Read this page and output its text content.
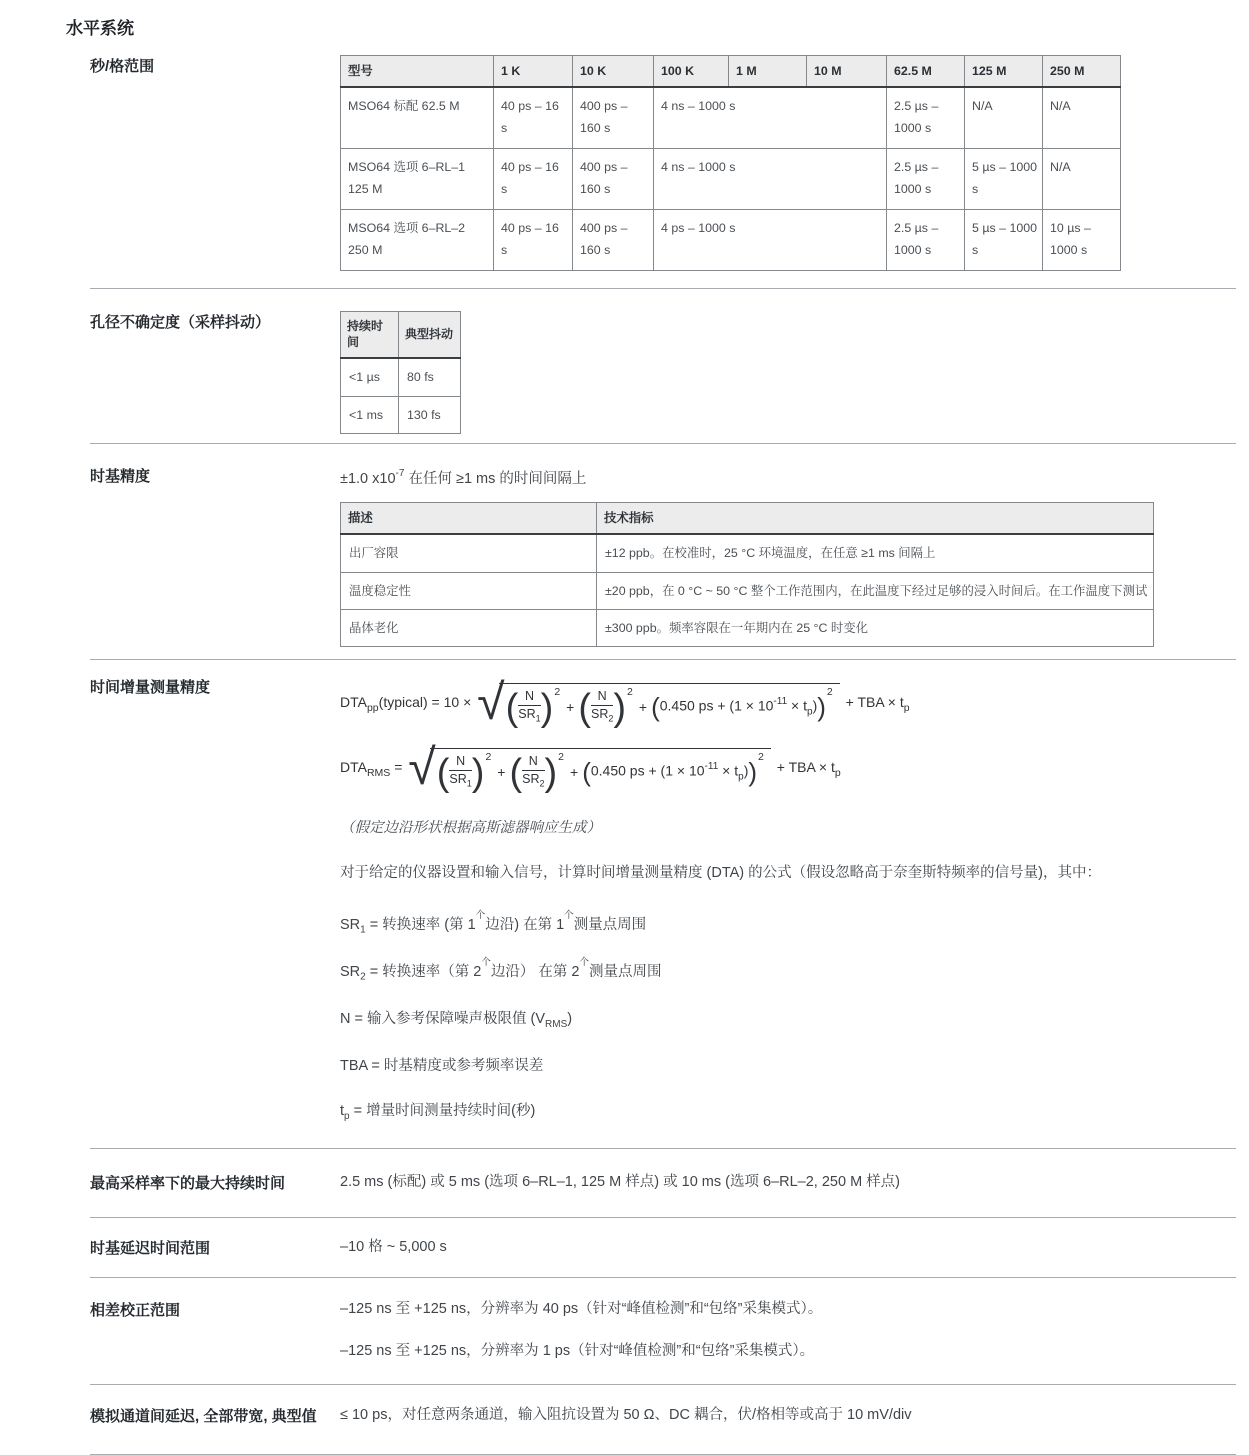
水平系统
秒/格范围	型号	1 K	10 K	100 K	1 M	10 M	62.5 M	125 M	250 M
MSO64 标配 62.5 M	40 ps – 16 s	400 ps – 160 s	4 ns – 1000 s			2.5 µs – 1000 s	N/A	N/A
MSO64 选项 6–RL–1 125 M	40 ps – 16 s	400 ps – 160 s	4 ns – 1000 s			2.5 µs – 1000 s	5 µs – 1000 s	N/A
MSO64 选项 6–RL–2 250 M	40 ps – 16 s	400 ps – 160 s	4 ps – 1000 s			2.5 µs – 1000 s	5 µs – 1000 s	10 µs – 1000 s
孔径不确定度（采样抖动）	持续时间	典型抖动
<1 µs	80 fs
<1 ms	130 fs
时基精度	±1.0 $x10^{-7}$ 在任何 ≥1 ms 的时间间隔上
描述	技术指标
出厂容限	±12 ppb。在校准时，25 °C 环境温度，在任意 ≥1 ms 间隔上
温度稳定性	±20 ppb，在 0 °C ~ 50 °C 整个工作范围内，在此温度下经过足够的浸入时间后。在工作温度下测试
晶体老化	±300 ppb。频率容限在一年期内在 25 °C 时变化
时间增量测量精度
$DTA_{pp}(typical) = 10$ × √ ( $\frac{N}{SR_1}$ ) 2
+ ( $\frac{N}{SR_2}$ ) 2
+ ( 0.450 ps + $(1 \times 10^{-11} \times t_p)$ )
2
+ TBA × $t_p$
$DTA_{RMS}$ = √ ( $\frac{N}{SR_1}$ ) 2
+ ( $\frac{N}{SR_2}$ ) 2
+ ( 0.450 ps + $(1 \times 10^{-11} \times t_p)$ )
2
+ TBA × $t_p$
（假定边沿形状根据高斯滤器响应生成）
对于给定的仪器设置和输入信号，计算时间增量测量精度 (DTA) 的公式（假设忽略高于奈奎斯特频率的信号量)，其中：
$SR_1$ = 转换速率 (第 $1^个$边沿) 在第 $1^个$测量点周围
$SR_2$ = 转换速率（第 $2^个$边沿） 在第 $2^个$测量点周围
N = 输入参考保障噪声极限值 $(V_{RMS})$
TBA = 时基精度或参考频率误差
$t_p$ = 增量时间测量持续时间(秒)
最高采样率下的最大持续时间	2.5 ms (标配) 或 5 ms (选项 6–RL–1, 125 M 样点) 或 10 ms (选项 6–RL–2, 250 M 样点)
时基延迟时间范围	–10 格 ~ 5,000 s
相差校正范围	–125 ns 至 +125 ns，分辨率为 40 ps（针对“峰值检测”和“包络”采集模式）。
–125 ns 至 +125 ns，分辨率为 1 ps（针对“峰值检测”和“包络”采集模式）。
模拟通道间延迟, 全部带宽, 典型值	≤ 10 ps，对任意两条通道，输入阻抗设置为 50 Ω、DC 耦合，伏/格相等或高于 10 mV/div
